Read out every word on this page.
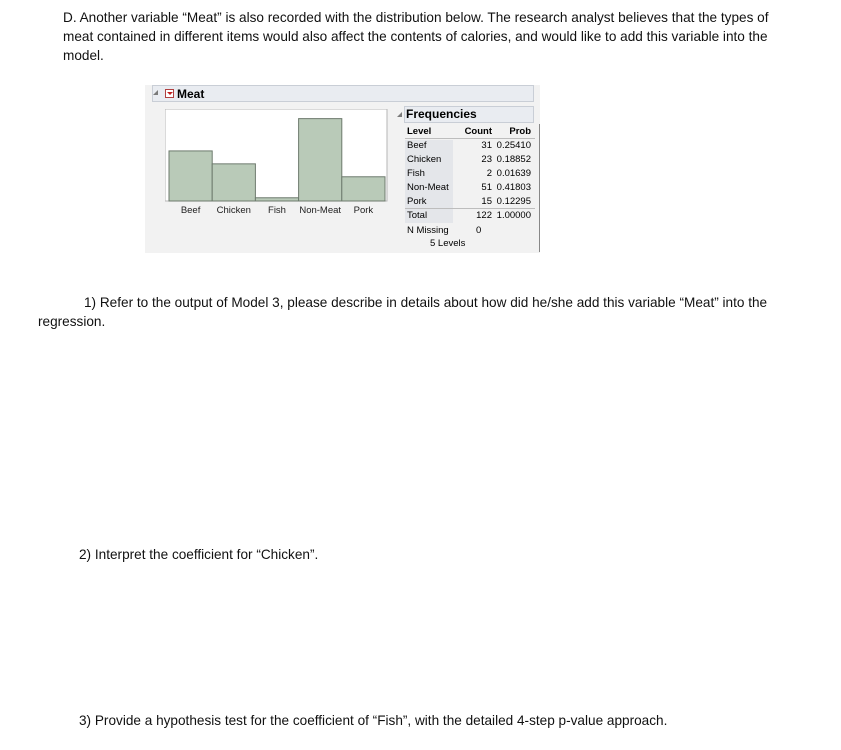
D. Another variable “Meat” is also recorded with the distribution below. The research analyst believes that the types of meat contained in different items would also affect the contents of calories, and would like to add this variable into the model.
Meat
Beef Chicken Fish Non-Meat Pork
Frequencies
Level	Count Prob
Beef	31 0.25410
Chicken	23 0.18852
Fish	2 0.01639
Non-Meat	51 0.41803
Pork	15 0.12295
Total	122 1.00000
N Missing	0
5 Levels
1) Refer to the output of Model 3, please describe in details about how did he/she add this variable “Meat” into the regression.
2) Interpret the coefficient for “Chicken”.
3) Provide a hypothesis test for the coefficient of “Fish”, with the detailed 4-step p-value approach.
